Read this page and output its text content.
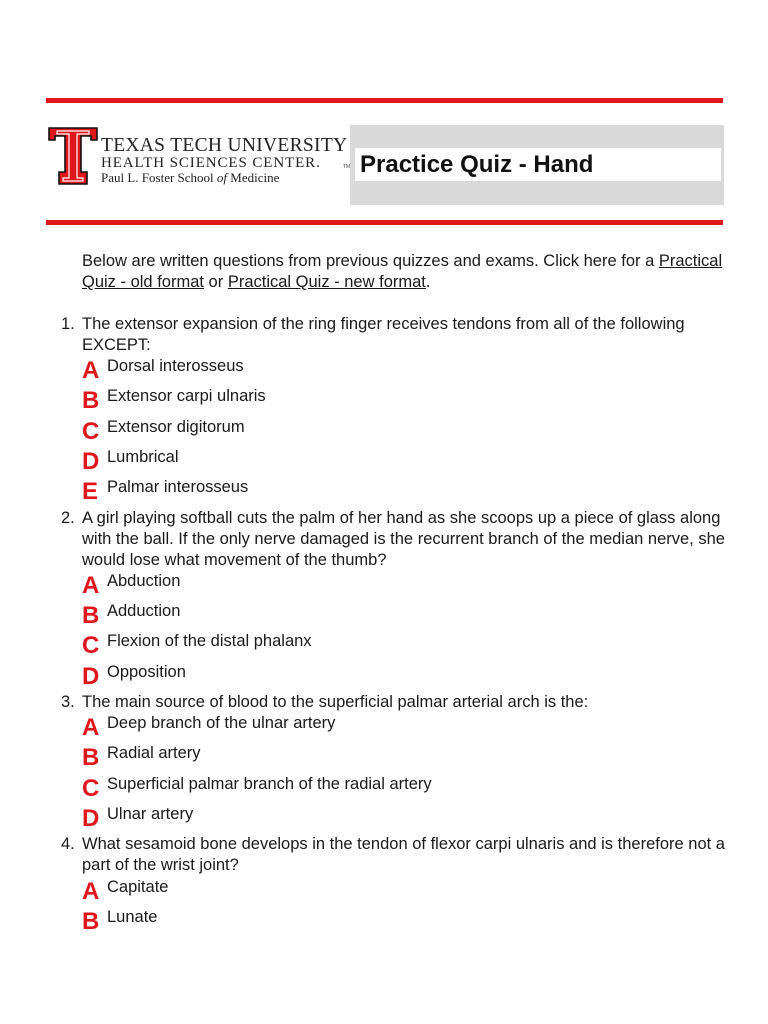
TEXAS TECH UNIVERSITY
HEALTH SCIENCES CENTER.	TM
Paul L. Foster School of Medicine	Practice Quiz - Hand
Below are written questions from previous quizzes and exams. Click here for a Practical Quiz - old format or Practical Quiz - new format.
1. The extensor expansion of the ring finger receives tendons from all of the following EXCEPT:
A Dorsal interosseus
B Extensor carpi ulnaris
C Extensor digitorum
D Lumbrical
E Palmar interosseus
2. A girl playing softball cuts the palm of her hand as she scoops up a piece of glass along with the ball. If the only nerve damaged is the recurrent branch of the median nerve, she would lose what movement of the thumb?
A Abduction
B Adduction
C Flexion of the distal phalanx
D Opposition
3. The main source of blood to the superficial palmar arterial arch is the:
A Deep branch of the ulnar artery
B Radial artery
C Superficial palmar branch of the radial artery
D Ulnar artery
4. What sesamoid bone develops in the tendon of flexor carpi ulnaris and is therefore not a part of the wrist joint?
A Capitate
B Lunate
